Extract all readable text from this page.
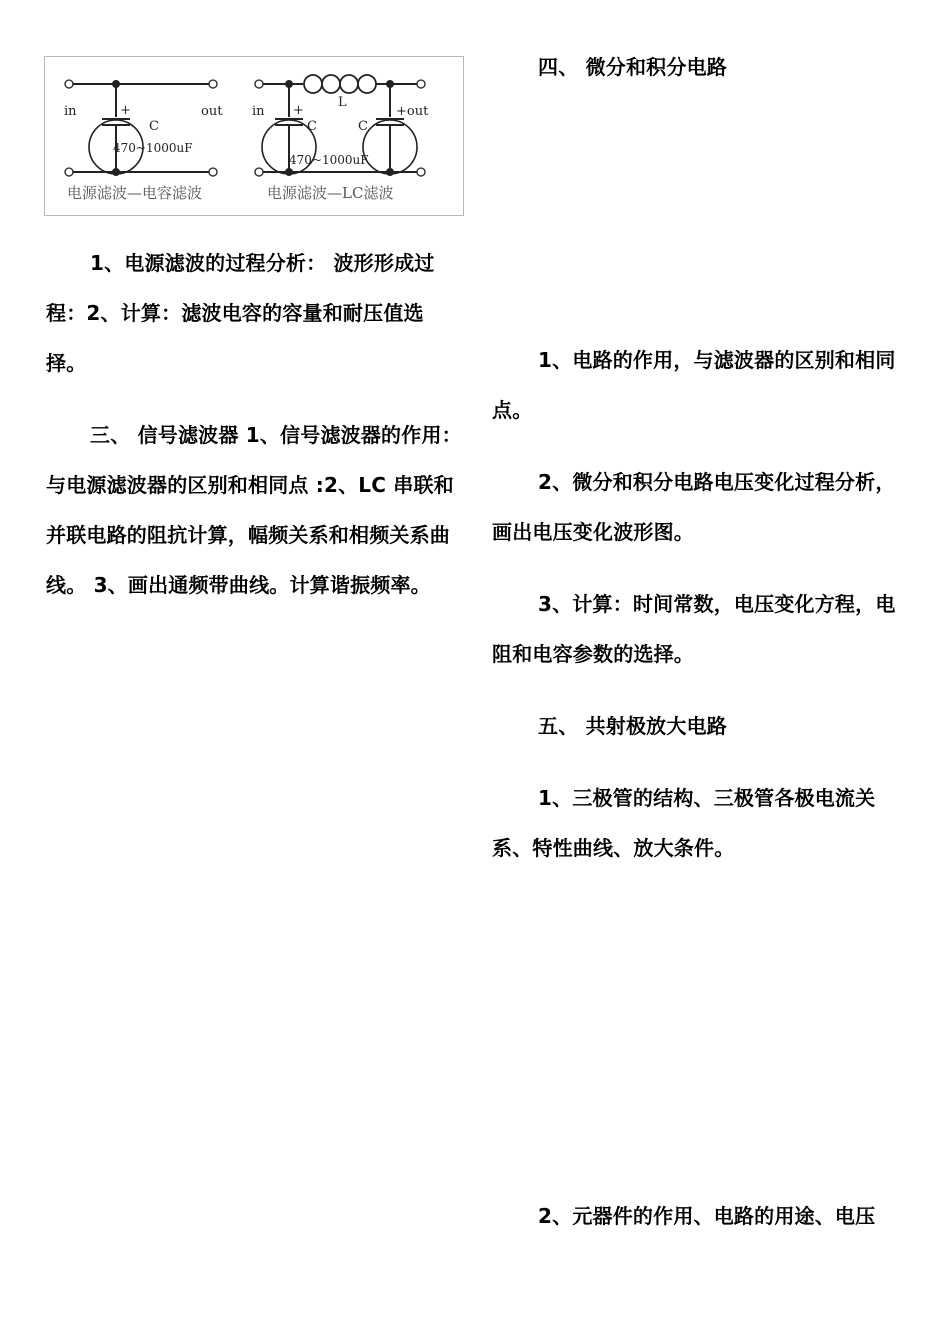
in	out
+
C
470~1000uF
电源滤波—电容滤波
in	+out
+
L
C	C
470~1000uF
电源滤波—LC滤波

1、电源滤波的过程分析： 波形形成过程：2、计算：滤波电容的容量和耐压值选择。

三、 信号滤波器 1、信号滤波器的作用： 与电源滤波器的区别和相同点 :2、LC 串联和并联电路的阻抗计算，幅频关系和相频关系曲线。 3、画出通频带曲线。计算谐振频率。

四、 微分和积分电路

1、电路的作用，与滤波器的区别和相同点。

2、微分和积分电路电压变化过程分析，画出电压变化波形图。

3、计算：时间常数，电压变化方程，电阻和电容参数的选择。

五、 共射极放大电路

1、三极管的结构、三极管各极电流关系、特性曲线、放大条件。

2、元器件的作用、电路的用途、电压
